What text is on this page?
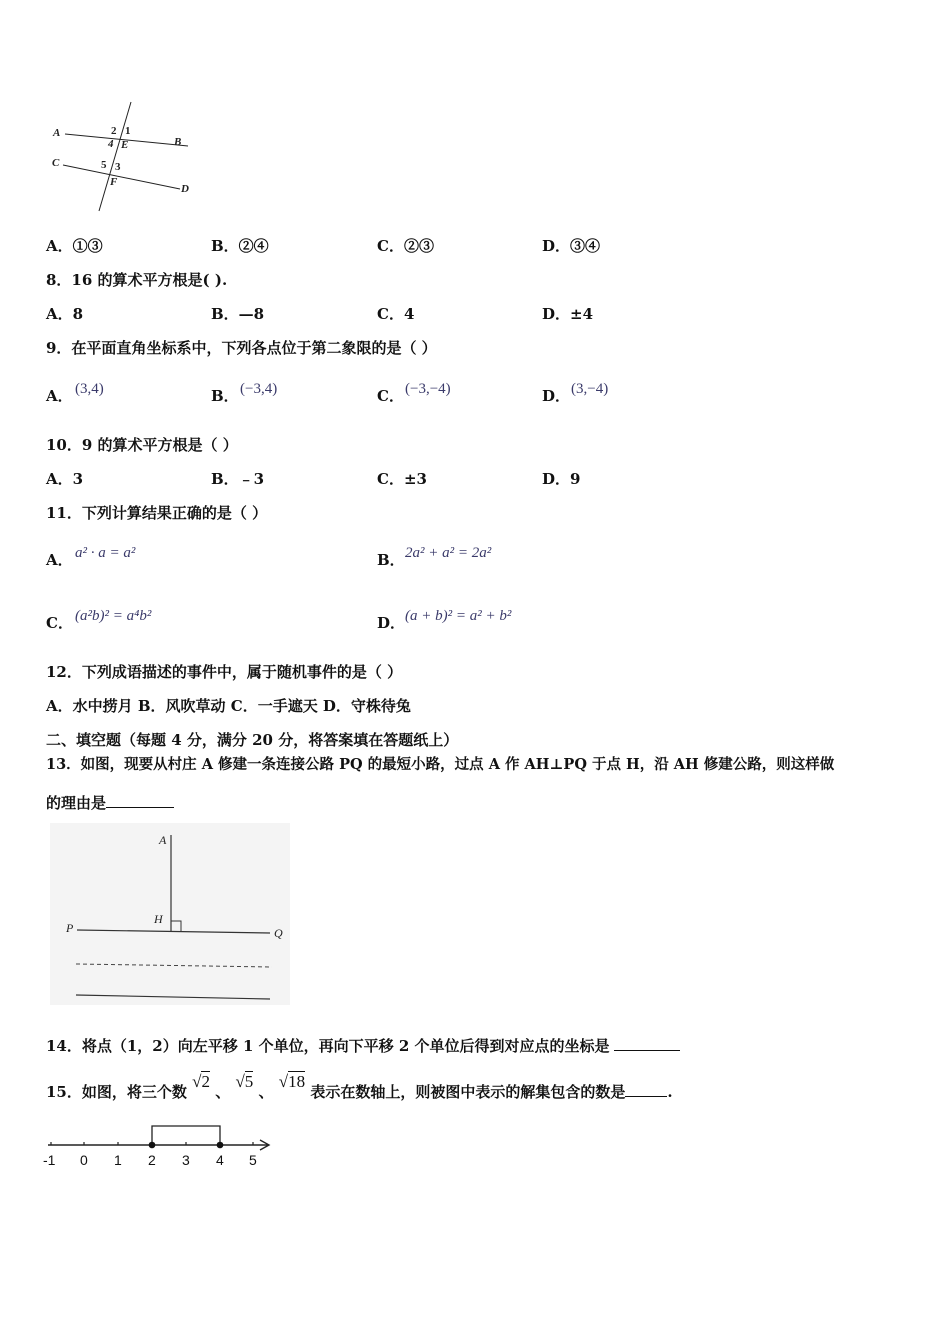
A
B
C
D
2 1
4 E
5 3
F
A．①③	B．②④	C．②③	D．③④
8．16 的算术平方根是( ).
A．8	B．—8	C．4	D．±4
9．在平面直角坐标系中，下列各点位于第二象限的是（ ）
A． (3,4)	B． (−3,4)	C． (−3,−4)	D． (3,−4)
10．9 的算术平方根是（ ）
A．3	B．﹣3	C．±3	D．9
11．下列计算结果正确的是（ ）
A． a² · a = a²	B． 2a² + a² = 2a²
C． (a²b)² = a⁴b²	D． (a + b)² = a² + b²
12．下列成语描述的事件中，属于随机事件的是（ ）
A．水中捞月 B．风吹草动 C．一手遮天 D．守株待兔
二、填空题（每题 4 分，满分 20 分，将答案填在答题纸上）
13．如图，现要从村庄 A 修建一条连接公路 PQ 的最短小路，过点 A 作 AH⊥PQ 于点 H，沿 AH 修建公路，则这样做
的理由是
A
H
P	Q
14．将点（1，2）向左平移 1 个单位，再向下平移 2 个单位后得到对应点的坐标是
15．如图，将三个数 √2 、 √5 、 √18 表示在数轴上，则被图中表示的解集包含的数是	.
-1 0 1 2 3 4 5
